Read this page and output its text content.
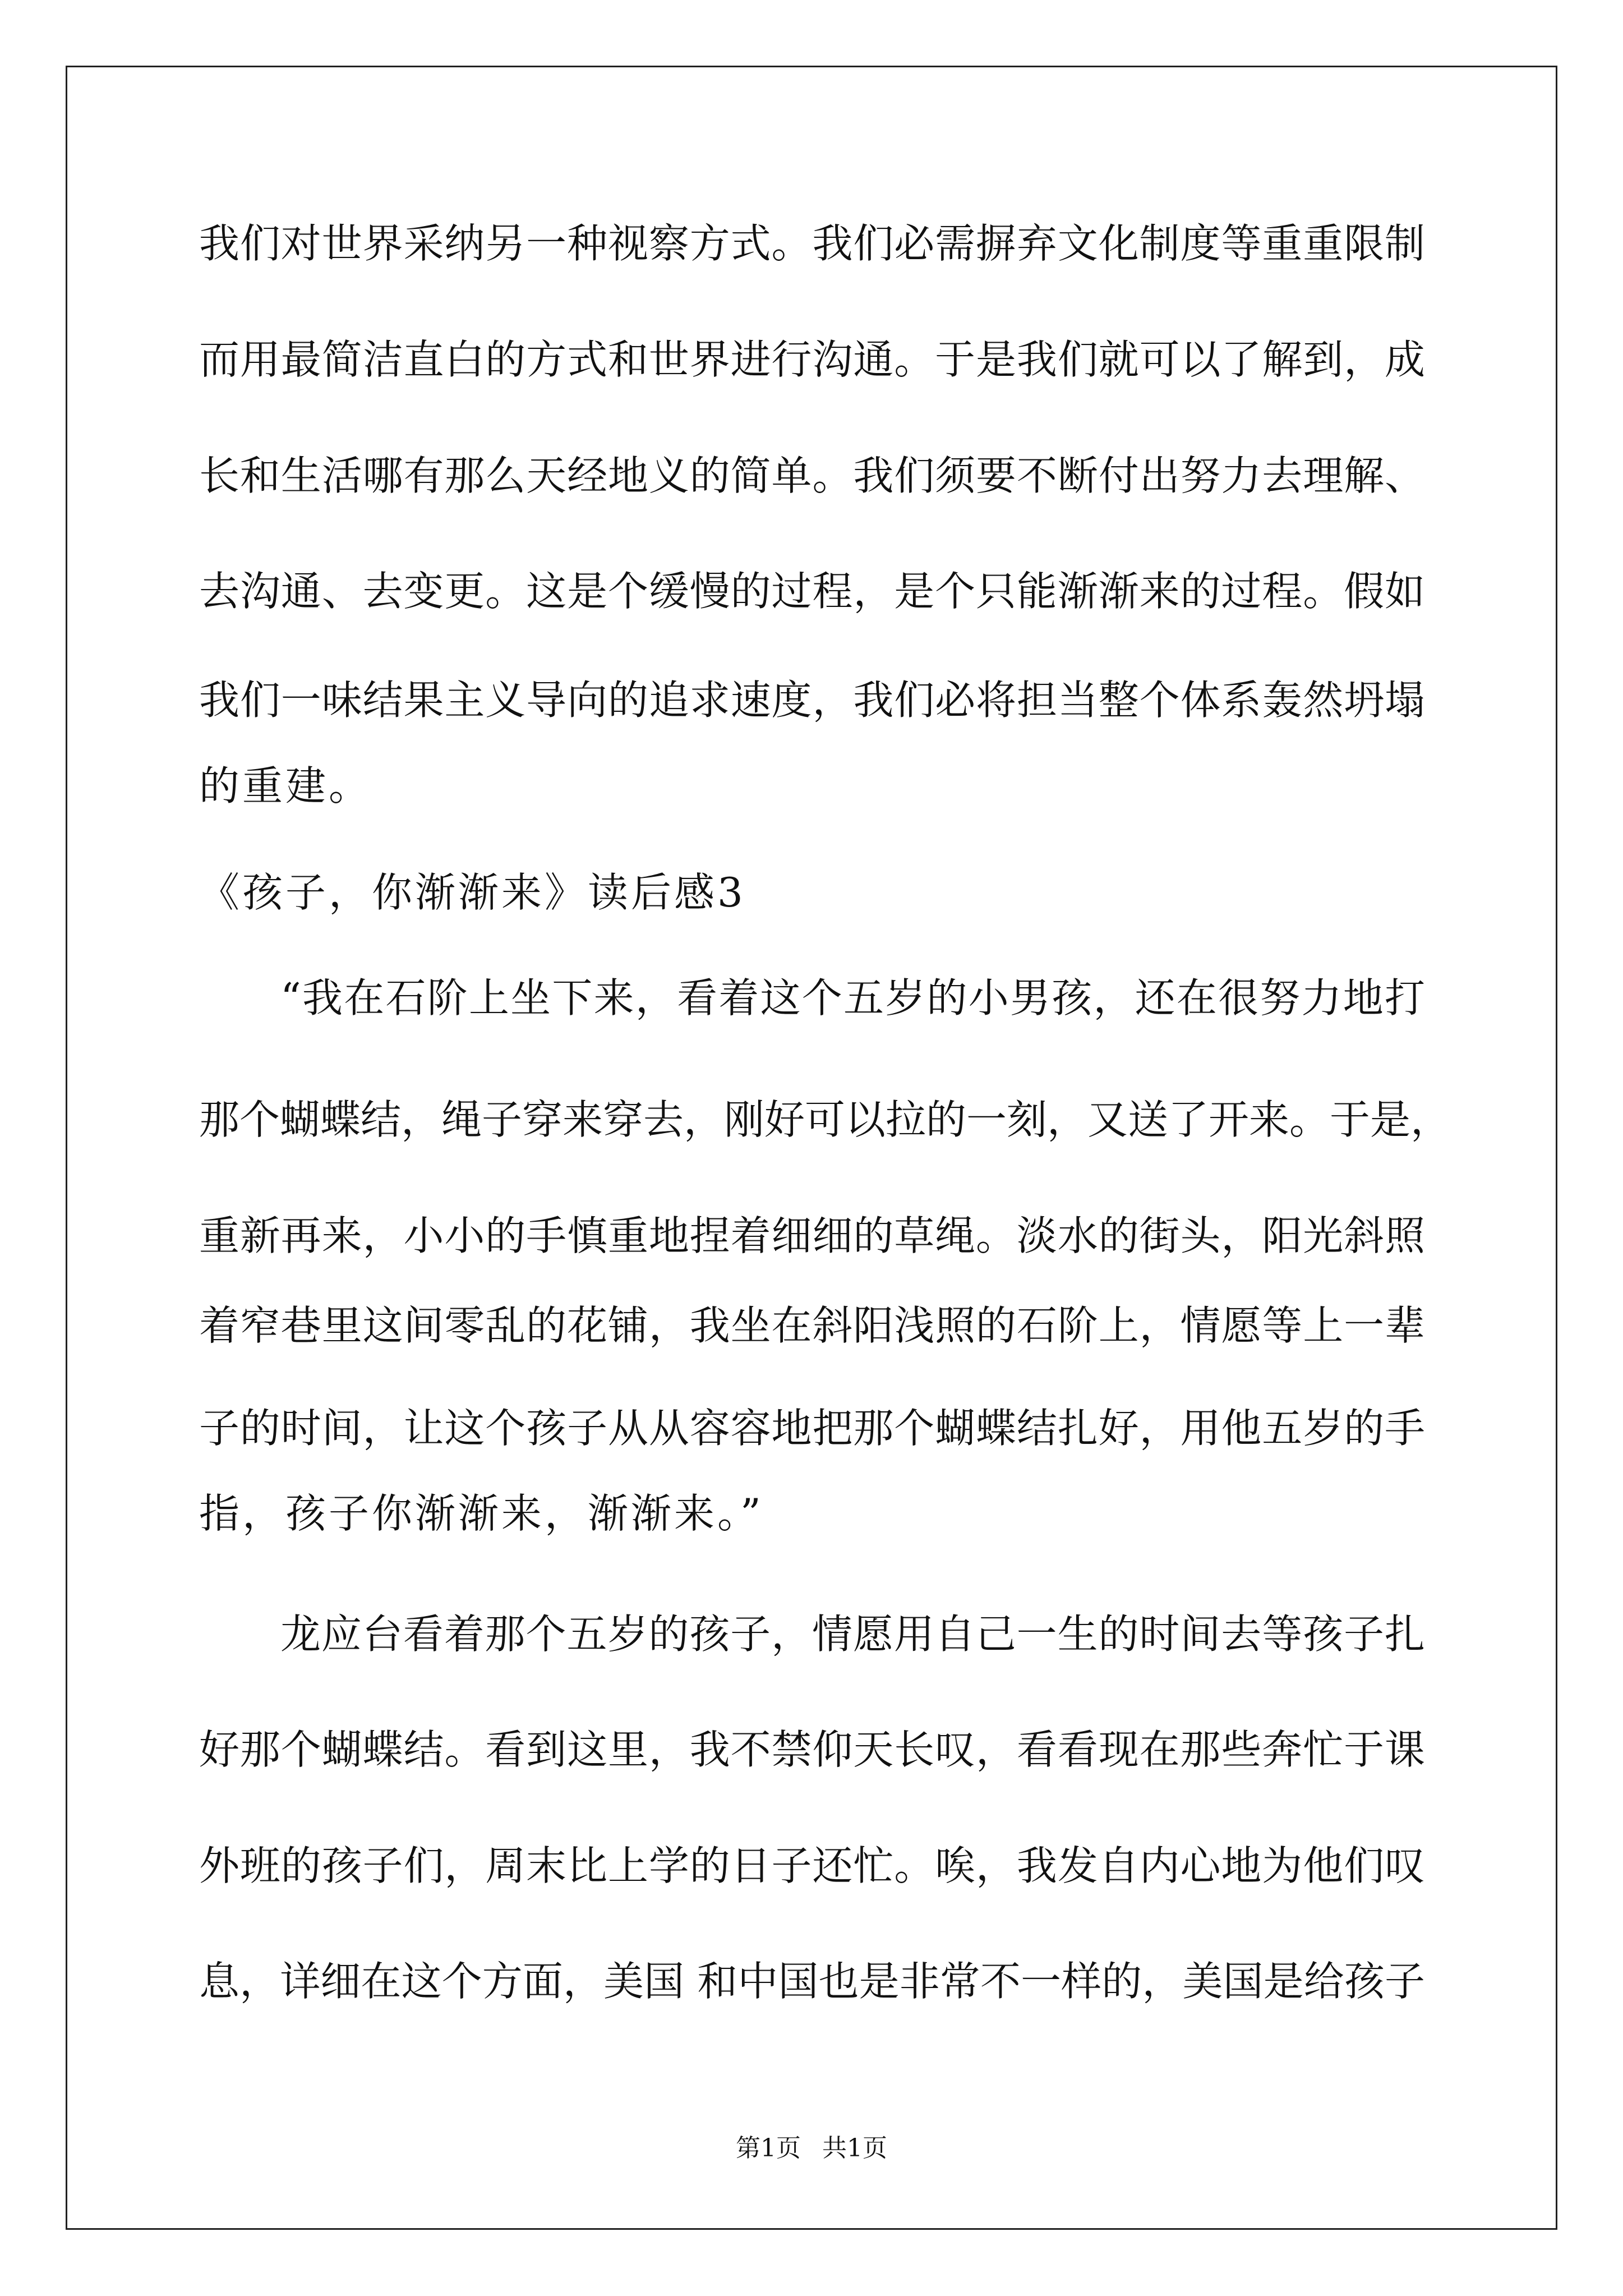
我们对世界采纳另一种视察方式。我们必需摒弃文化制度等重重限制
而用最简洁直白的方式和世界进行沟通。于是我们就可以了解到，成
长和生活哪有那么天经地义的简单。我们须要不断付出努力去理解、
去沟通、去变更。这是个缓慢的过程，是个只能渐渐来的过程。假如
我们一味结果主义导向的追求速度，我们必将担当整个体系轰然坍塌
的重建。
《孩子，你渐渐来》读后感3
“我在石阶上坐下来，看着这个五岁的小男孩，还在很努力地打
那个蝴蝶结，绳子穿来穿去，刚好可以拉的一刻，又送了开来。于是，
重新再来，小小的手慎重地捏着细细的草绳。淡水的街头，阳光斜照
着窄巷里这间零乱的花铺，我坐在斜阳浅照的石阶上，情愿等上一辈
子的时间，让这个孩子从从容容地把那个蝴蝶结扎好，用他五岁的手
指，孩子你渐渐来，渐渐来。”
龙应台看着那个五岁的孩子，情愿用自己一生的时间去等孩子扎
好那个蝴蝶结。看到这里，我不禁仰天长叹，看看现在那些奔忙于课
外班的孩子们，周末比上学的日子还忙。唉，我发自内心地为他们叹
息，详细在这个方面，美国 和中国也是非常不一样的，美国是给孩子
第1页 共1页
